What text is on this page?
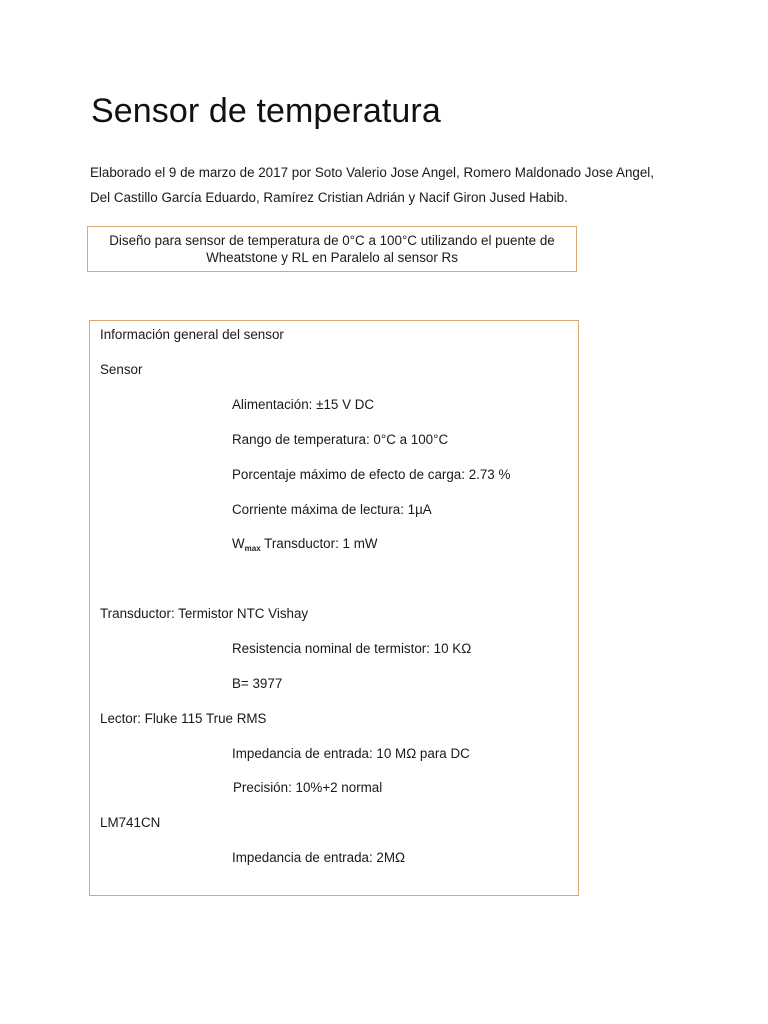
Sensor de temperatura

Elaborado el 9 de marzo de 2017 por Soto Valerio Jose Angel, Romero Maldonado Jose Angel,
Del Castillo García Eduardo, Ramírez Cristian Adrián y Nacif Giron Jused Habib.

Diseño para sensor de temperatura de 0°C a 100°C utilizando el puente de
Wheatstone y RL en Paralelo al sensor Rs
Información general del sensor
Sensor
Alimentación: ±15 V DC
Rango de temperatura: 0°C a 100°C
Porcentaje máximo de efecto de carga: 2.73 %
Corriente máxima de lectura: 1µA
$W_{max}$ Transductor: 1 mW
Transductor: Termistor NTC Vishay
Resistencia nominal de termistor: 10 KΩ
B= 3977
Lector: Fluke 115 True RMS
Impedancia de entrada: 10 MΩ para DC
Precisión: 10%+2 normal
LM741CN
Impedancia de entrada: 2MΩ
